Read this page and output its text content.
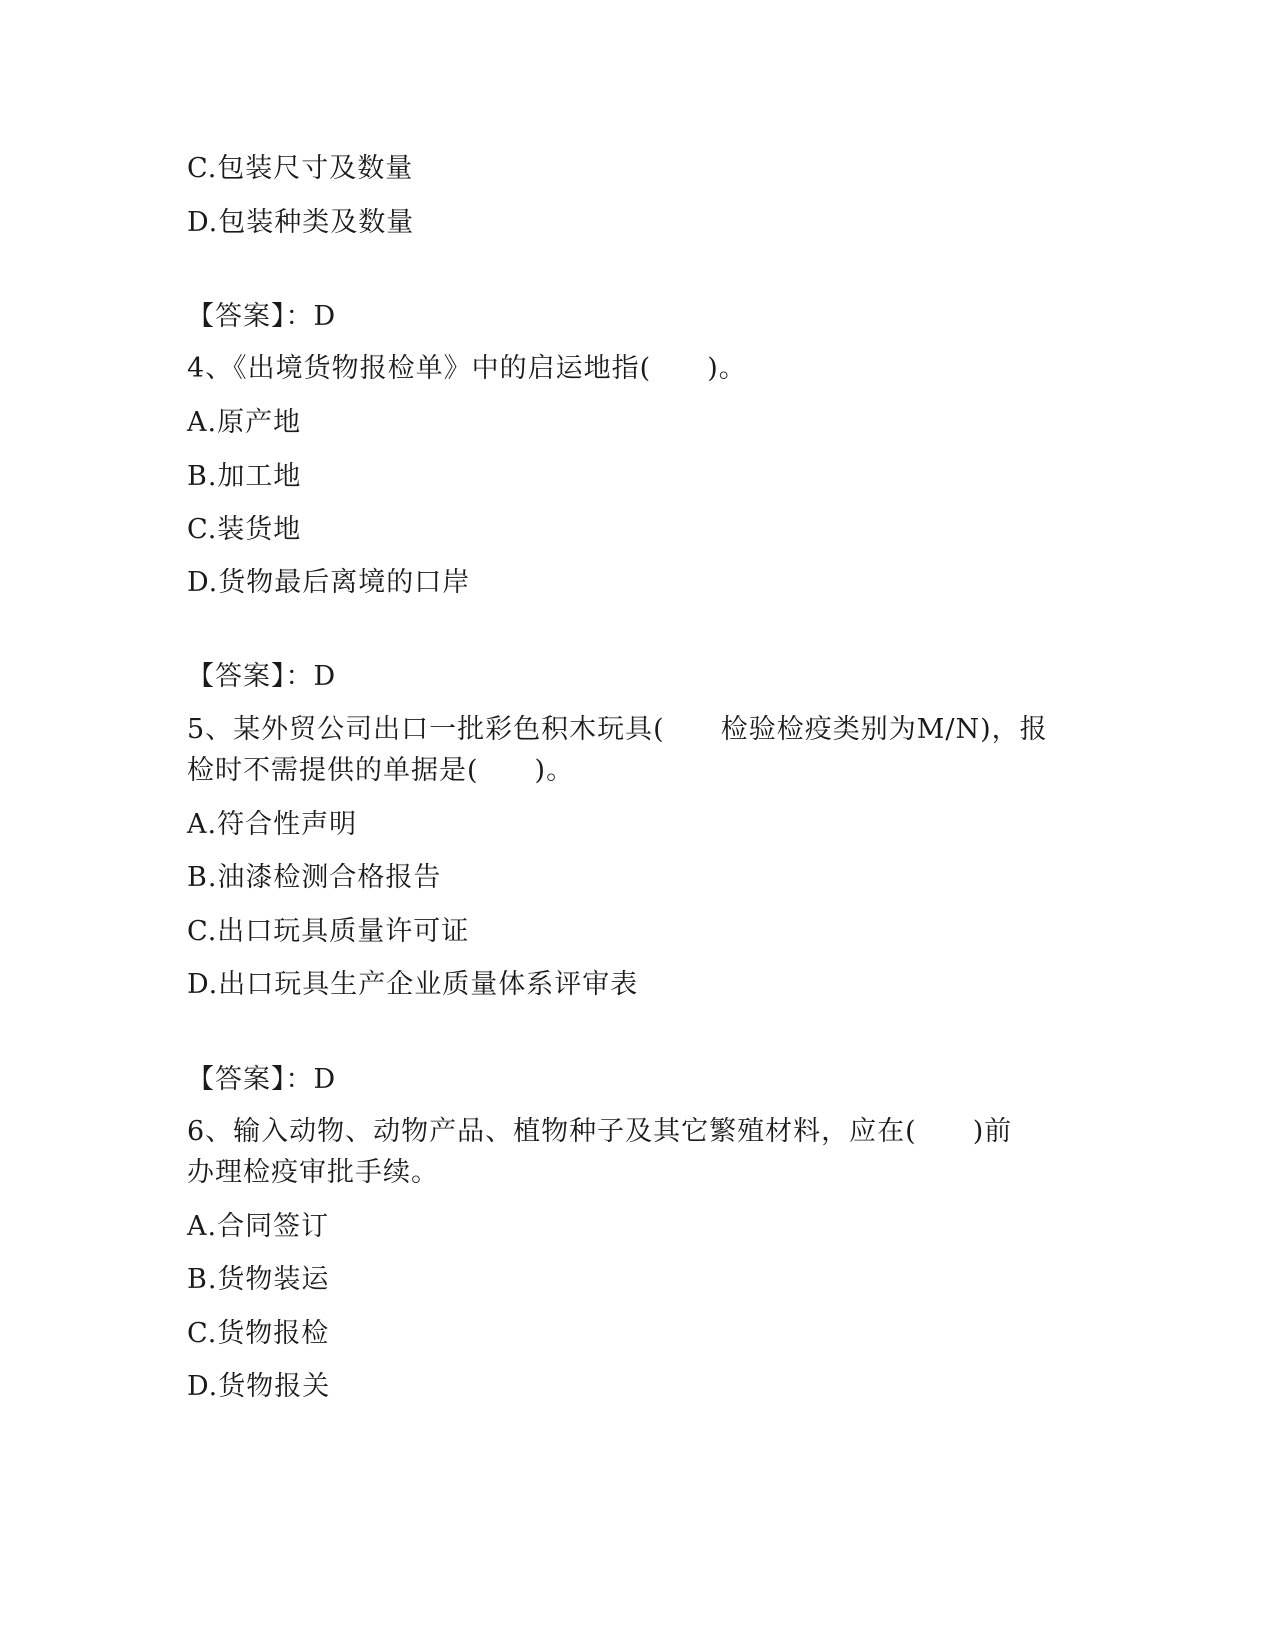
C.包装尺寸及数量
D.包装种类及数量
【答案】：D
4、《出境货物报检单》中的启运地指(　　)。
A.原产地
B.加工地
C.装货地
D.货物最后离境的口岸
【答案】：D
5、某外贸公司出口一批彩色积木玩具(　　检验检疫类别为M/N)，报
检时不需提供的单据是(　　)。
A.符合性声明
B.油漆检测合格报告
C.出口玩具质量许可证
D.出口玩具生产企业质量体系评审表
【答案】：D
6、输入动物、动物产品、植物种子及其它繁殖材料，应在(　　)前
办理检疫审批手续。
A.合同签订
B.货物装运
C.货物报检
D.货物报关
